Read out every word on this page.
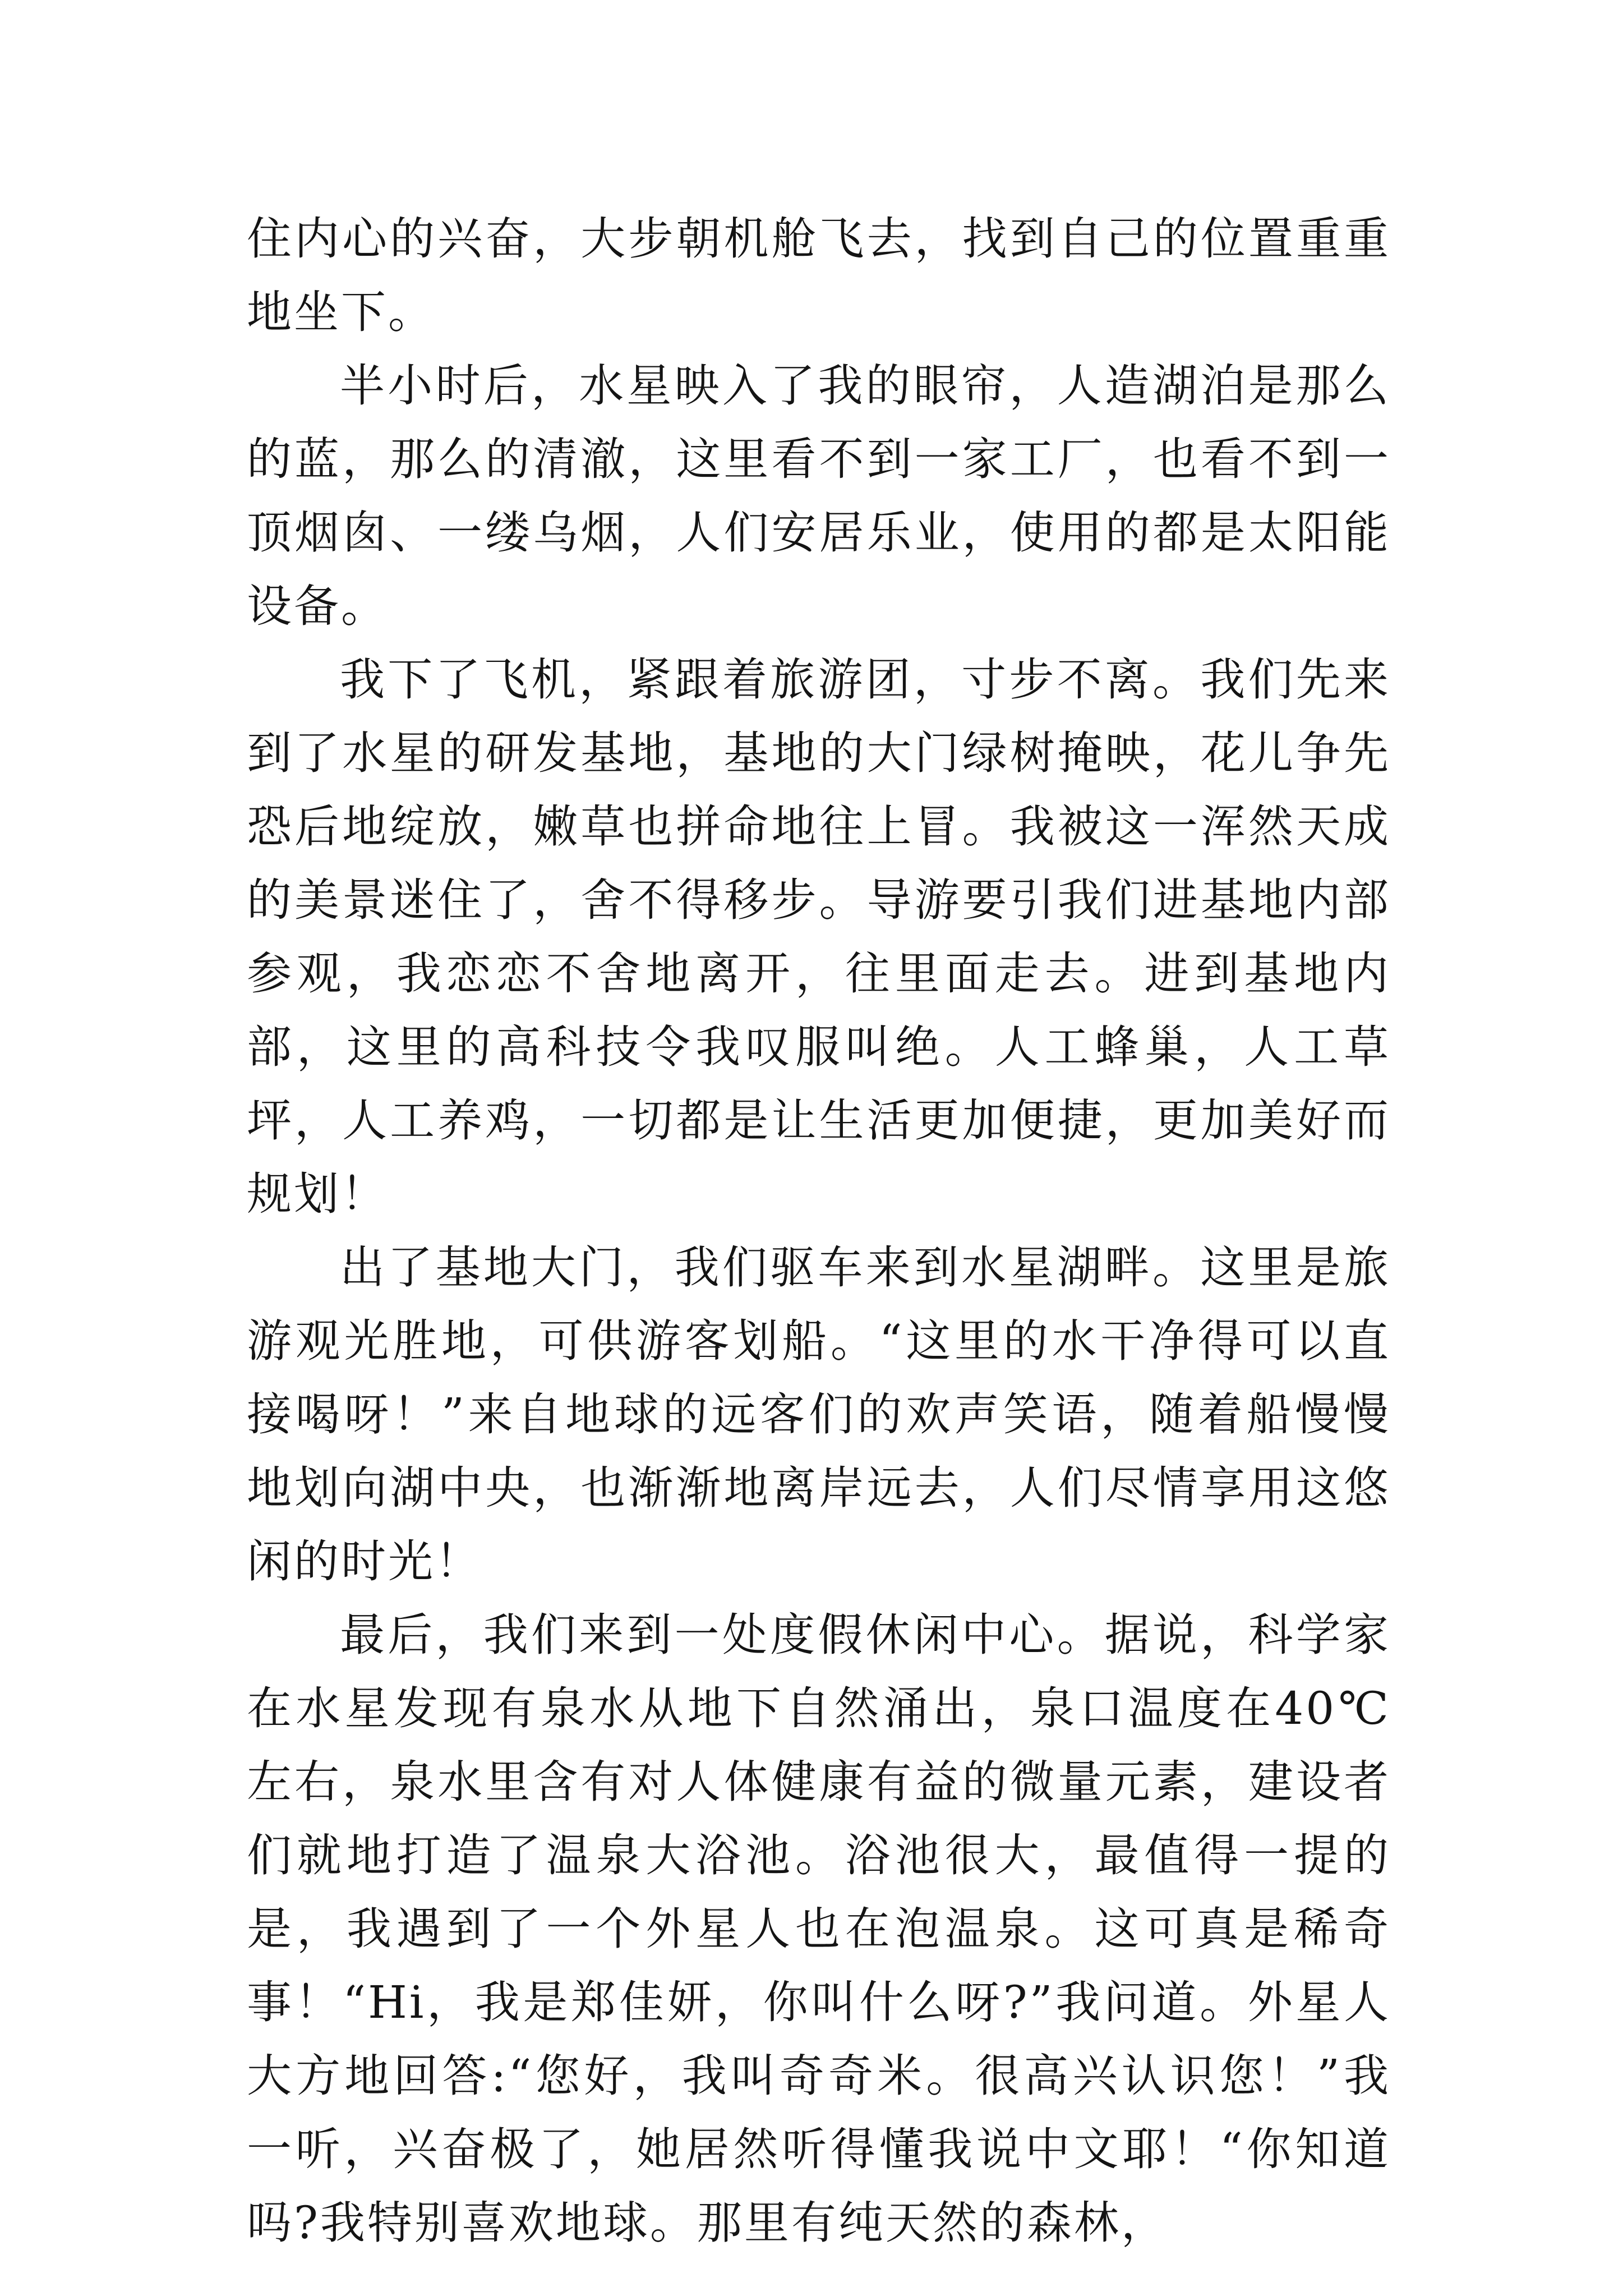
住内心的兴奋，大步朝机舱飞去，找到自己的位置重重地坐下。

半小时后，水星映入了我的眼帘，人造湖泊是那么的蓝，那么的清澈，这里看不到一家工厂，也看不到一顶烟囱、一缕乌烟，人们安居乐业，使用的都是太阳能设备。

我下了飞机，紧跟着旅游团，寸步不离。我们先来到了水星的研发基地，基地的大门绿树掩映，花儿争先恐后地绽放，嫩草也拼命地往上冒。我被这一浑然天成的美景迷住了，舍不得移步。导游要引我们进基地内部参观，我恋恋不舍地离开，往里面走去。进到基地内部，这里的高科技令我叹服叫绝。人工蜂巢，人工草坪，人工养鸡，一切都是让生活更加便捷，更加美好而规划！

出了基地大门，我们驱车来到水星湖畔。这里是旅游观光胜地，可供游客划船。“这里的水干净得可以直接喝呀！”来自地球的远客们的欢声笑语，随着船慢慢地划向湖中央，也渐渐地离岸远去，人们尽情享用这悠闲的时光！

最后，我们来到一处度假休闲中心。据说，科学家在水星发现有泉水从地下自然涌出，泉口温度在40℃左右，泉水里含有对人体健康有益的微量元素，建设者们就地打造了温泉大浴池。浴池很大，最值得一提的是，我遇到了一个外星人也在泡温泉。这可真是稀奇事！“Hi，我是郑佳妍，你叫什么呀?”我问道。外星人大方地回答:“您好，我叫奇奇米。很高兴认识您！”我一听，兴奋极了，她居然听得懂我说中文耶！“你知道吗?我特别喜欢地球。那里有纯天然的森林，
